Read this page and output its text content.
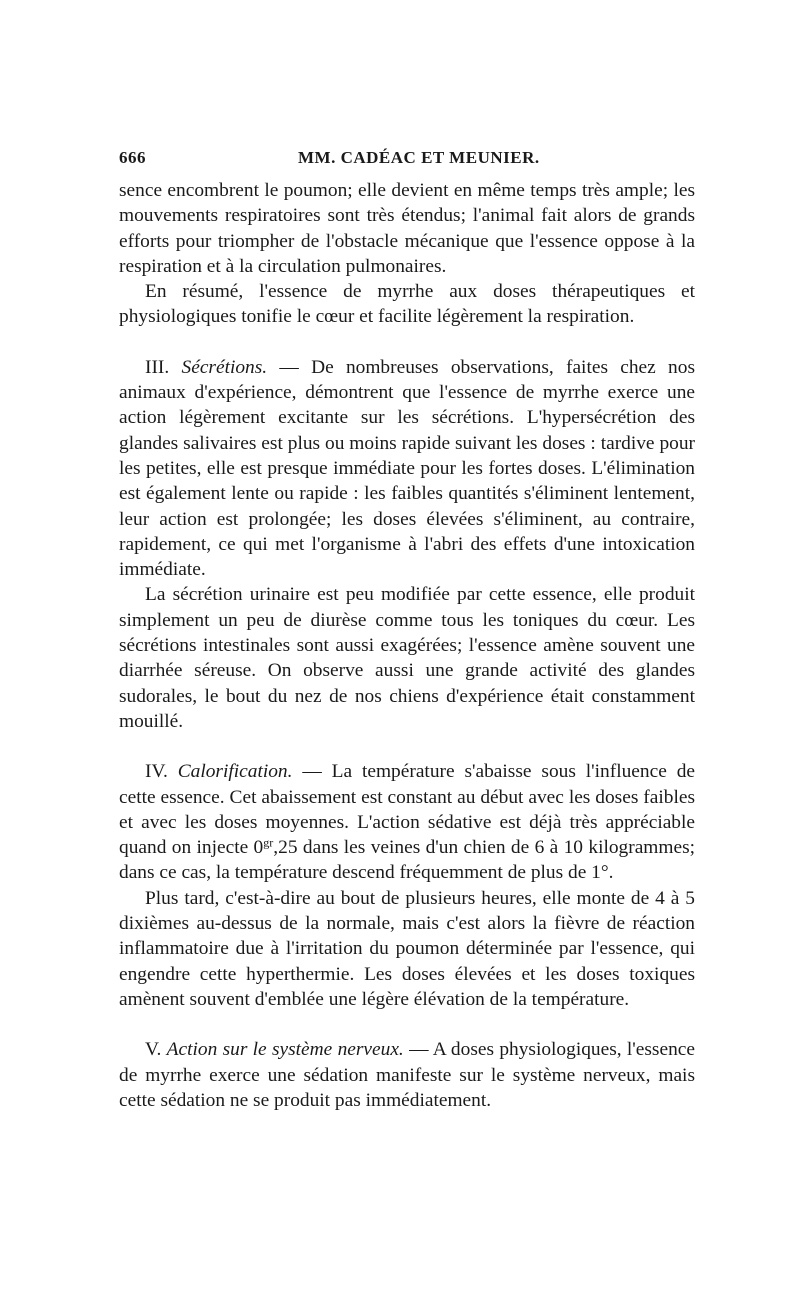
666	MM. CADÉAC ET MEUNIER.

sence encombrent le poumon; elle devient en même temps très ample; les mouvements respiratoires sont très étendus; l'animal fait alors de grands efforts pour triompher de l'obstacle mécanique que l'essence oppose à la respiration et à la circulation pulmonaires.

En résumé, l'essence de myrrhe aux doses thérapeutiques et physiologiques tonifie le cœur et facilite légèrement la respiration.

III. Sécrétions. — De nombreuses observations, faites chez nos animaux d'expérience, démontrent que l'essence de myrrhe exerce une action légèrement excitante sur les sécrétions. L'hypersécrétion des glandes salivaires est plus ou moins rapide suivant les doses : tardive pour les petites, elle est presque immédiate pour les fortes doses. L'élimination est également lente ou rapide : les faibles quantités s'éliminent lentement, leur action est prolongée; les doses élevées s'éliminent, au contraire, rapidement, ce qui met l'organisme à l'abri des effets d'une intoxication immédiate.

La sécrétion urinaire est peu modifiée par cette essence, elle produit simplement un peu de diurèse comme tous les toniques du cœur. Les sécrétions intestinales sont aussi exagérées; l'essence amène souvent une diarrhée séreuse. On observe aussi une grande activité des glandes sudorales, le bout du nez de nos chiens d'expérience était constamment mouillé.

IV. Calorification. — La température s'abaisse sous l'influence de cette essence. Cet abaissement est constant au début avec les doses faibles et avec les doses moyennes. L'action sédative est déjà très appréciable quand on injecte $0^{gr},25$ dans les veines d'un chien de 6 à 10 kilogrammes; dans ce cas, la température descend fréquemment de plus de 1°.

Plus tard, c'est-à-dire au bout de plusieurs heures, elle monte de 4 à 5 dixièmes au-dessus de la normale, mais c'est alors la fièvre de réaction inflammatoire due à l'irritation du poumon déterminée par l'essence, qui engendre cette hyperthermie. Les doses élevées et les doses toxiques amènent souvent d'emblée une légère élévation de la température.

V. Action sur le système nerveux. — A doses physiologiques, l'essence de myrrhe exerce une sédation manifeste sur le système nerveux, mais cette sédation ne se produit pas immédiatement.
